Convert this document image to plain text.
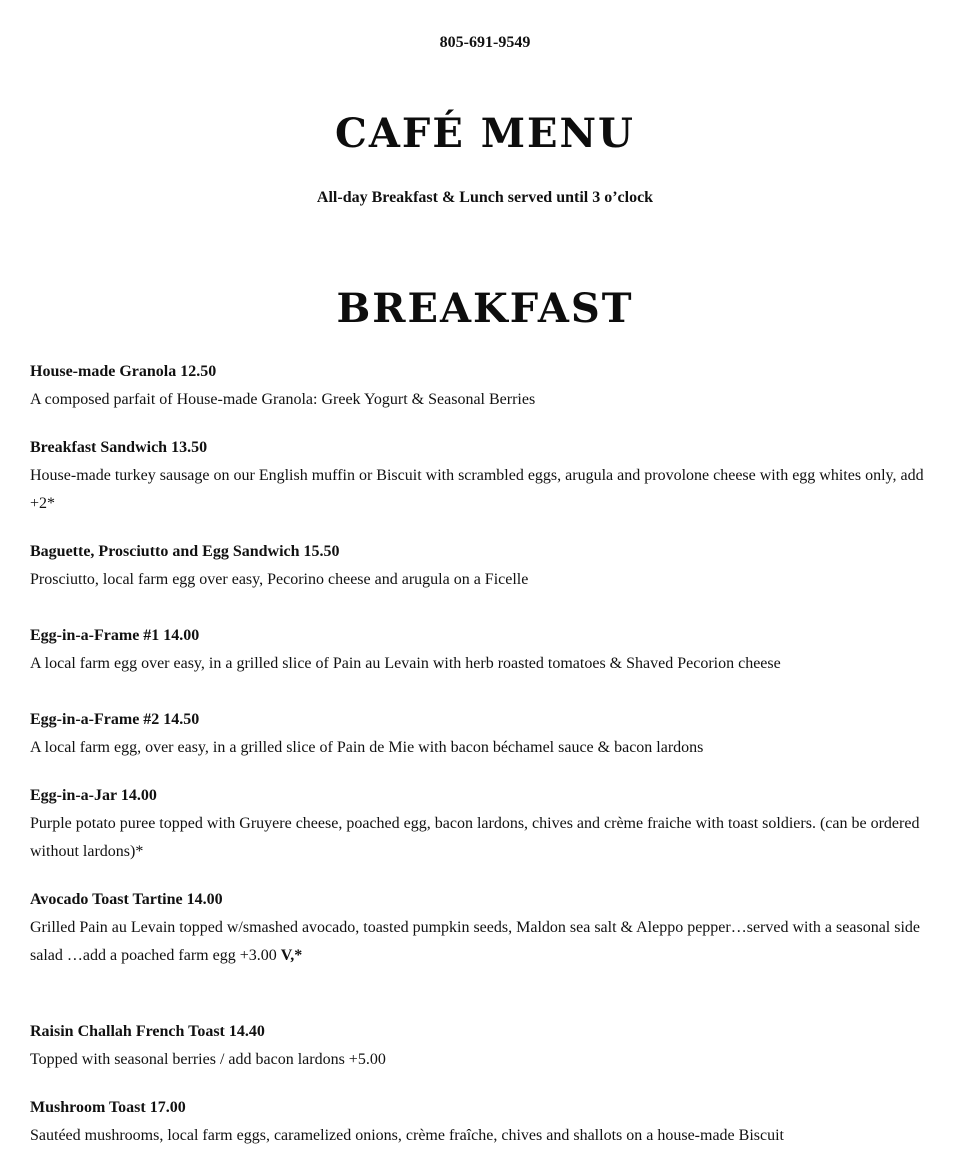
805-691-9549
CAFÉ MENU
All-day Breakfast & Lunch served until 3 o’clock
BREAKFAST
House-made Granola 12.50
A composed parfait of House-made Granola: Greek Yogurt & Seasonal Berries
Breakfast Sandwich 13.50
House-made turkey sausage on our English muffin or Biscuit with scrambled eggs, arugula and provolone cheese with egg whites only, add +2*
Baguette, Prosciutto and Egg Sandwich 15.50
Prosciutto, local farm egg over easy, Pecorino cheese and arugula on a Ficelle
Egg-in-a-Frame #1 14.00
A local farm egg over easy, in a grilled slice of Pain au Levain with herb roasted tomatoes & Shaved Pecorion cheese
Egg-in-a-Frame #2 14.50
A local farm egg, over easy, in a grilled slice of Pain de Mie with bacon béchamel sauce & bacon lardons
Egg-in-a-Jar 14.00
Purple potato puree topped with Gruyere cheese, poached egg, bacon lardons, chives and crème fraiche with toast soldiers. (can be ordered without lardons)*
Avocado Toast Tartine 14.00
Grilled Pain au Levain topped w/smashed avocado, toasted pumpkin seeds, Maldon sea salt & Aleppo pepper…served with a seasonal side salad …add a poached farm egg +3.00 V,*
Raisin Challah French Toast 14.40
Topped with seasonal berries / add bacon lardons +5.00
Mushroom Toast 17.00
Sautéed mushrooms, local farm eggs, caramelized onions, crème fraîche, chives and shallots on a house-made Biscuit
